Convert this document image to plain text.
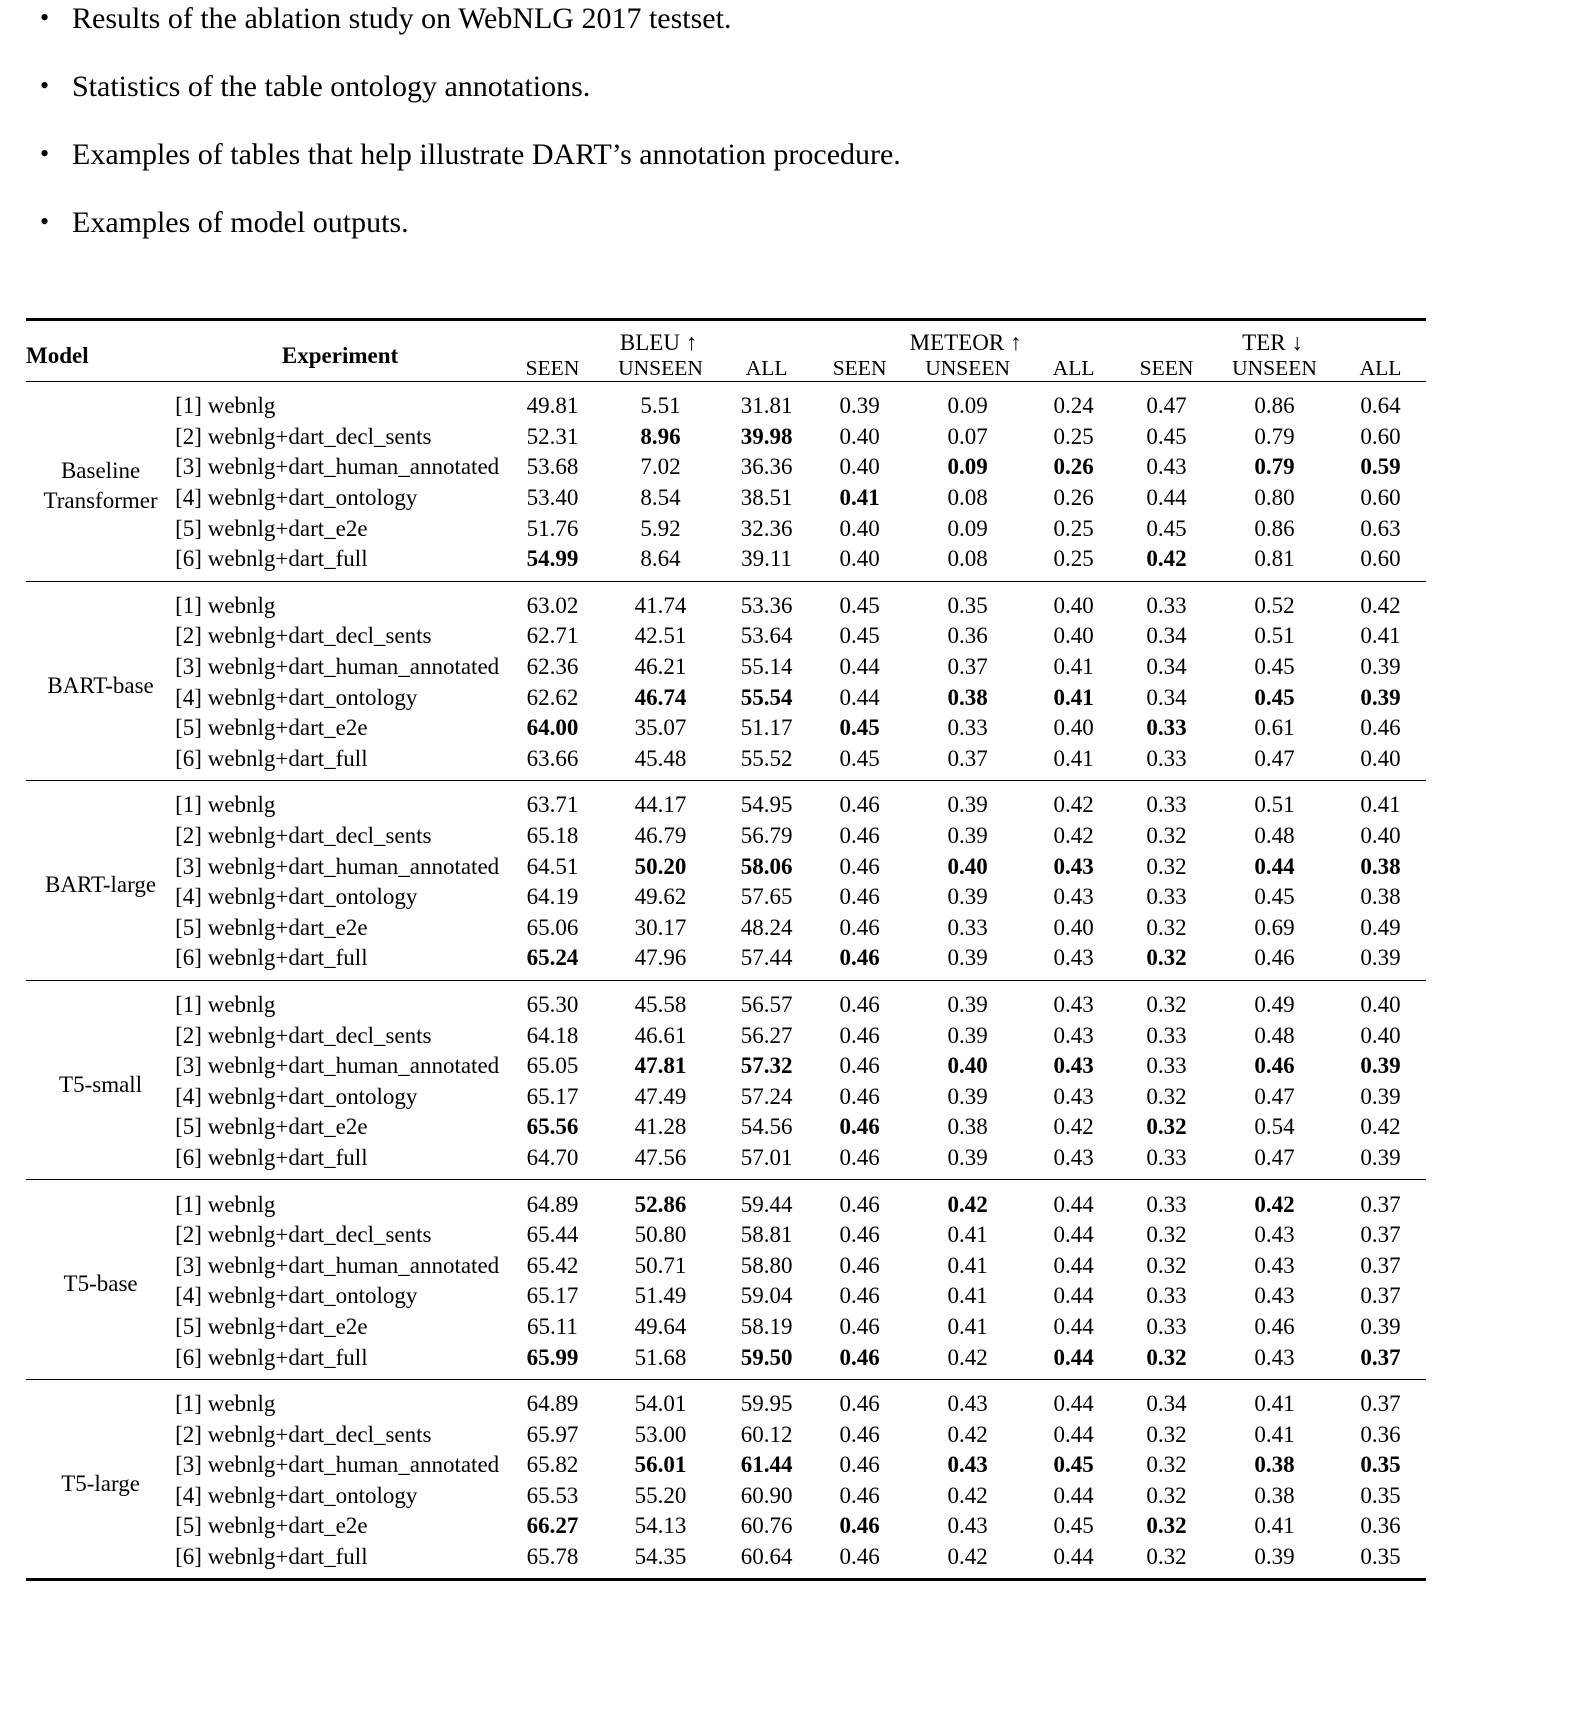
• Results of the ablation study on WebNLG 2017 testset.
• Statistics of the table ontology annotations.
• Examples of tables that help illustrate DART’s annotation procedure.
• Examples of model outputs.
Model	Experiment	BLEU ↑			METEOR ↑			TER ↓		
		SEEN	UNSEEN	ALL	SEEN	UNSEEN	ALL	SEEN	UNSEEN	ALL

Baseline
Transformer	[1] webnlg	49.81	5.51	31.81	0.39	0.09	0.24	0.47	0.86	0.64
	[2] webnlg+dart_decl_sents	52.31	8.96	39.98	0.40	0.07	0.25	0.45	0.79	0.60
	[3] webnlg+dart_human_annotated	53.68	7.02	36.36	0.40	0.09	0.26	0.43	0.79	0.59
	[4] webnlg+dart_ontology	53.40	8.54	38.51	0.41	0.08	0.26	0.44	0.80	0.60
	[5] webnlg+dart_e2e	51.76	5.92	32.36	0.40	0.09	0.25	0.45	0.86	0.63
	[6] webnlg+dart_full	54.99	8.64	39.11	0.40	0.08	0.25	0.42	0.81	0.60

BART-base	[1] webnlg	63.02	41.74	53.36	0.45	0.35	0.40	0.33	0.52	0.42
	[2] webnlg+dart_decl_sents	62.71	42.51	53.64	0.45	0.36	0.40	0.34	0.51	0.41
	[3] webnlg+dart_human_annotated	62.36	46.21	55.14	0.44	0.37	0.41	0.34	0.45	0.39
	[4] webnlg+dart_ontology	62.62	46.74	55.54	0.44	0.38	0.41	0.34	0.45	0.39
	[5] webnlg+dart_e2e	64.00	35.07	51.17	0.45	0.33	0.40	0.33	0.61	0.46
	[6] webnlg+dart_full	63.66	45.48	55.52	0.45	0.37	0.41	0.33	0.47	0.40

BART-large	[1] webnlg	63.71	44.17	54.95	0.46	0.39	0.42	0.33	0.51	0.41
	[2] webnlg+dart_decl_sents	65.18	46.79	56.79	0.46	0.39	0.42	0.32	0.48	0.40
	[3] webnlg+dart_human_annotated	64.51	50.20	58.06	0.46	0.40	0.43	0.32	0.44	0.38
	[4] webnlg+dart_ontology	64.19	49.62	57.65	0.46	0.39	0.43	0.33	0.45	0.38
	[5] webnlg+dart_e2e	65.06	30.17	48.24	0.46	0.33	0.40	0.32	0.69	0.49
	[6] webnlg+dart_full	65.24	47.96	57.44	0.46	0.39	0.43	0.32	0.46	0.39

T5-small	[1] webnlg	65.30	45.58	56.57	0.46	0.39	0.43	0.32	0.49	0.40
	[2] webnlg+dart_decl_sents	64.18	46.61	56.27	0.46	0.39	0.43	0.33	0.48	0.40
	[3] webnlg+dart_human_annotated	65.05	47.81	57.32	0.46	0.40	0.43	0.33	0.46	0.39
	[4] webnlg+dart_ontology	65.17	47.49	57.24	0.46	0.39	0.43	0.32	0.47	0.39
	[5] webnlg+dart_e2e	65.56	41.28	54.56	0.46	0.38	0.42	0.32	0.54	0.42
	[6] webnlg+dart_full	64.70	47.56	57.01	0.46	0.39	0.43	0.33	0.47	0.39

T5-base	[1] webnlg	64.89	52.86	59.44	0.46	0.42	0.44	0.33	0.42	0.37
	[2] webnlg+dart_decl_sents	65.44	50.80	58.81	0.46	0.41	0.44	0.32	0.43	0.37
	[3] webnlg+dart_human_annotated	65.42	50.71	58.80	0.46	0.41	0.44	0.32	0.43	0.37
	[4] webnlg+dart_ontology	65.17	51.49	59.04	0.46	0.41	0.44	0.33	0.43	0.37
	[5] webnlg+dart_e2e	65.11	49.64	58.19	0.46	0.41	0.44	0.33	0.46	0.39
	[6] webnlg+dart_full	65.99	51.68	59.50	0.46	0.42	0.44	0.32	0.43	0.37

T5-large	[1] webnlg	64.89	54.01	59.95	0.46	0.43	0.44	0.34	0.41	0.37
	[2] webnlg+dart_decl_sents	65.97	53.00	60.12	0.46	0.42	0.44	0.32	0.41	0.36
	[3] webnlg+dart_human_annotated	65.82	56.01	61.44	0.46	0.43	0.45	0.32	0.38	0.35
	[4] webnlg+dart_ontology	65.53	55.20	60.90	0.46	0.42	0.44	0.32	0.38	0.35
	[5] webnlg+dart_e2e	66.27	54.13	60.76	0.46	0.43	0.45	0.32	0.41	0.36
	[6] webnlg+dart_full	65.78	54.35	60.64	0.46	0.42	0.44	0.32	0.39	0.35
